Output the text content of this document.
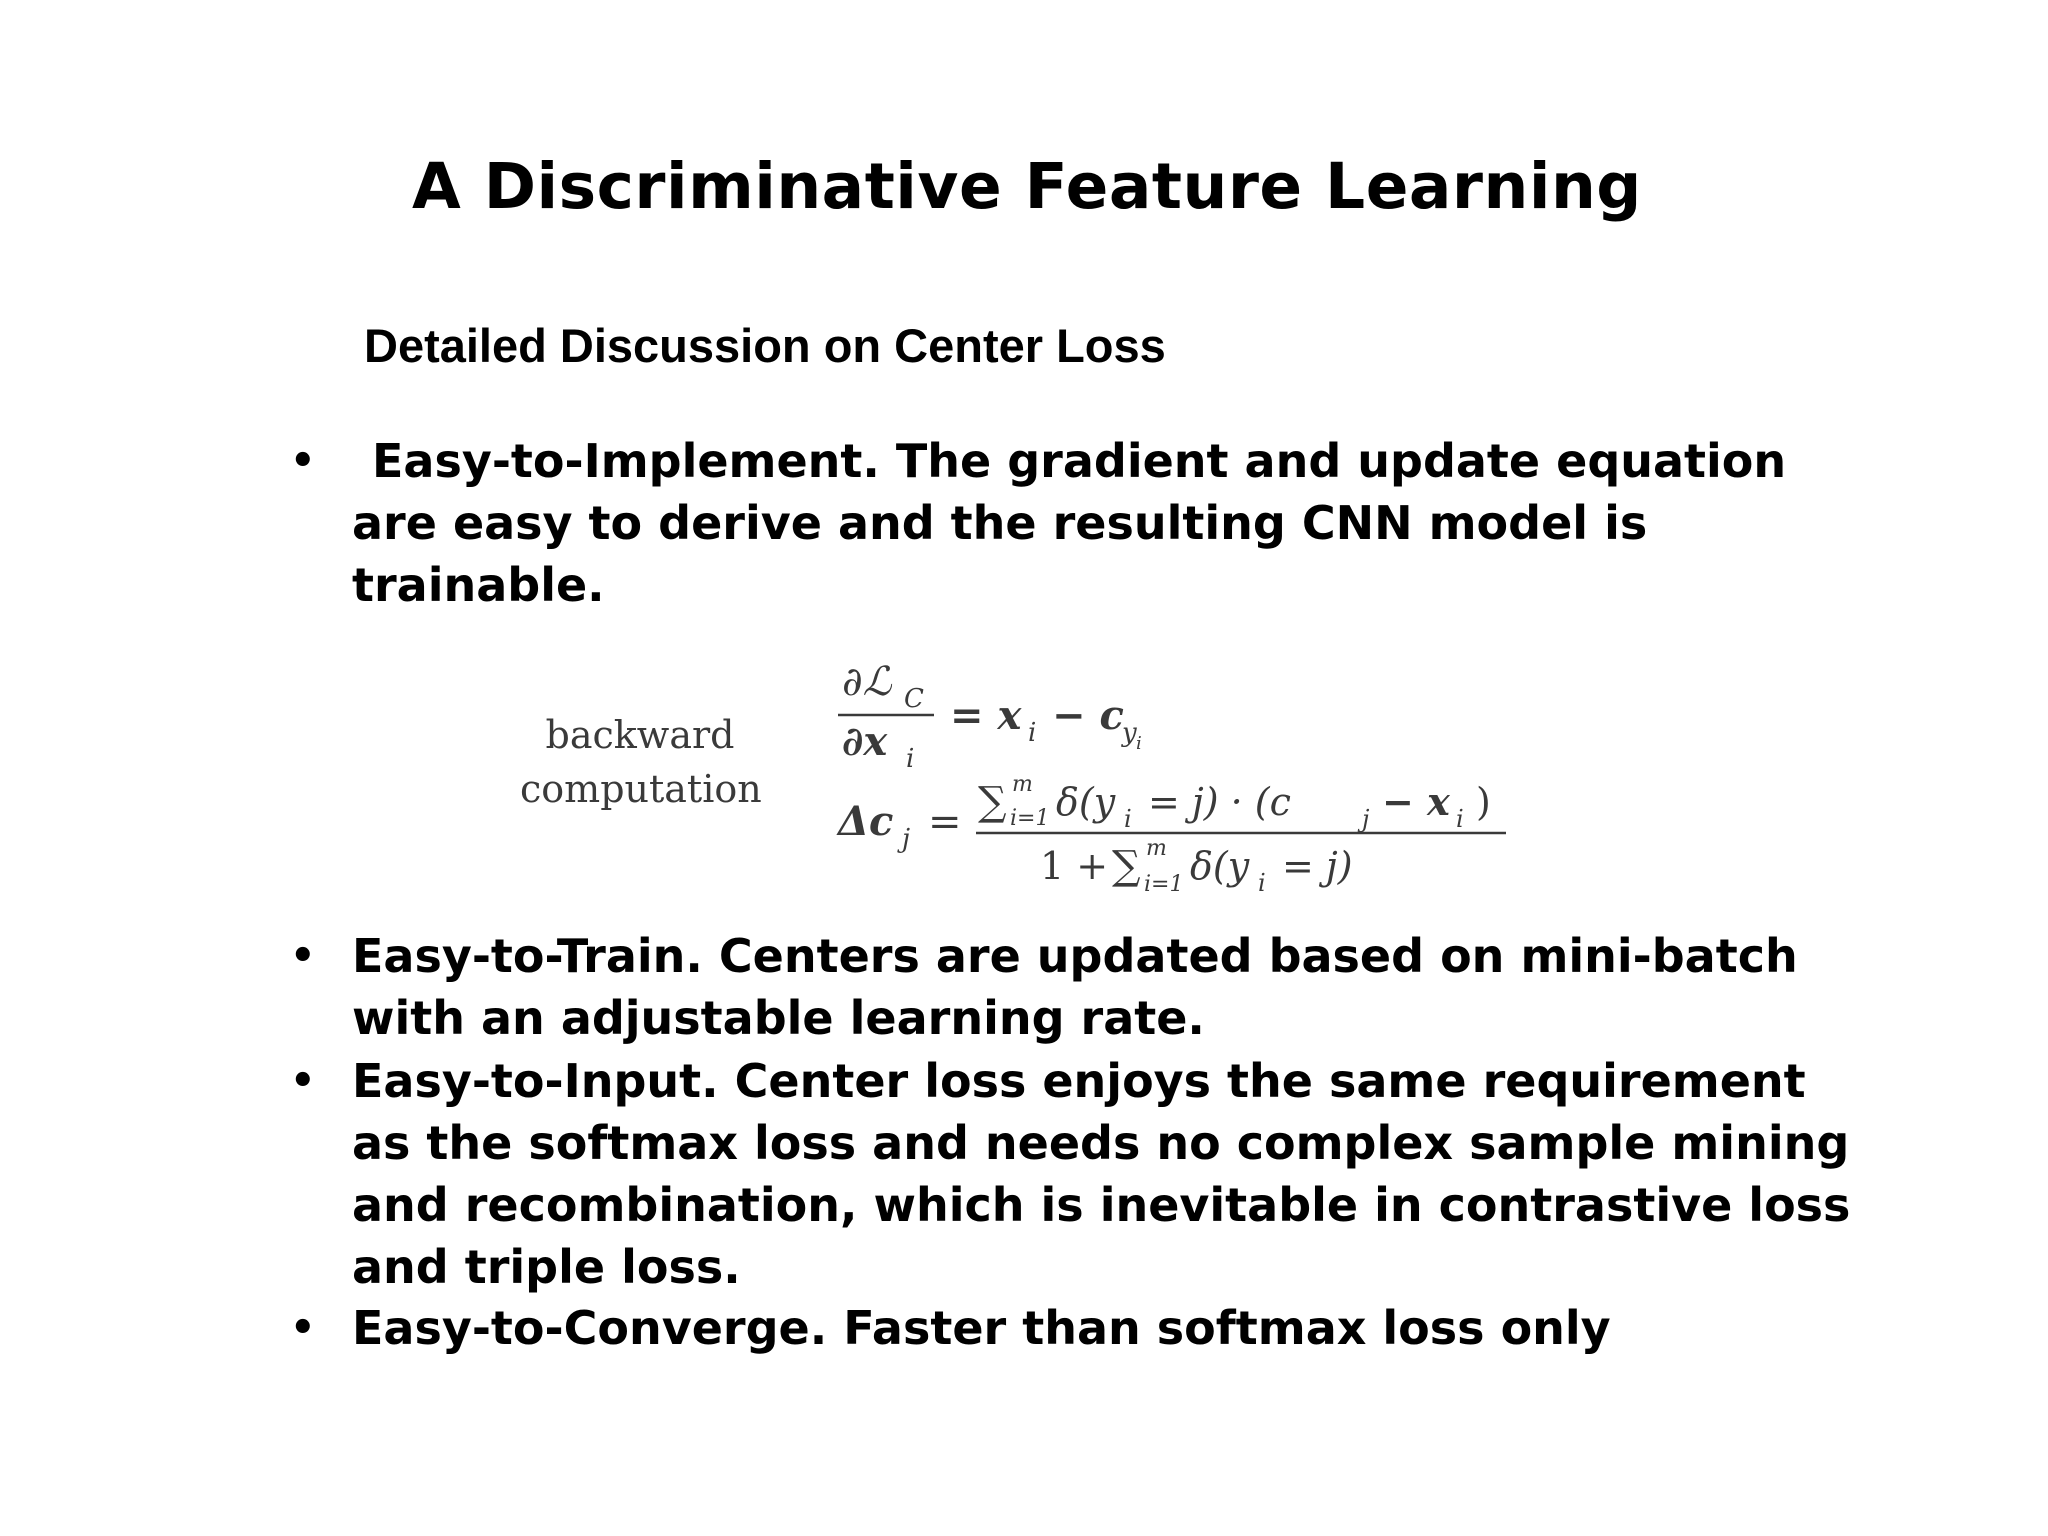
A Discriminative Feature Learning
Detailed Discussion on Center Loss
•	Easy-to-Implement. The gradient and update equation are easy to derive and the resulting CNN model is trainable.
backward
computation
∂ℒ C
∂x i
= x i − c
y i
Δc j = ∑ m
i=1 δ(y i = j) · (c	j − x i )
1 + ∑ m
i=1 δ(y i = j)
• Easy-to-Train. Centers are updated based on mini-batch with an adjustable learning rate.
• Easy-to-Input. Center loss enjoys the same requirement as the softmax loss and needs no complex sample mining and recombination, which is inevitable in contrastive loss and triple loss.
• Easy-to-Converge. Faster than softmax loss only
